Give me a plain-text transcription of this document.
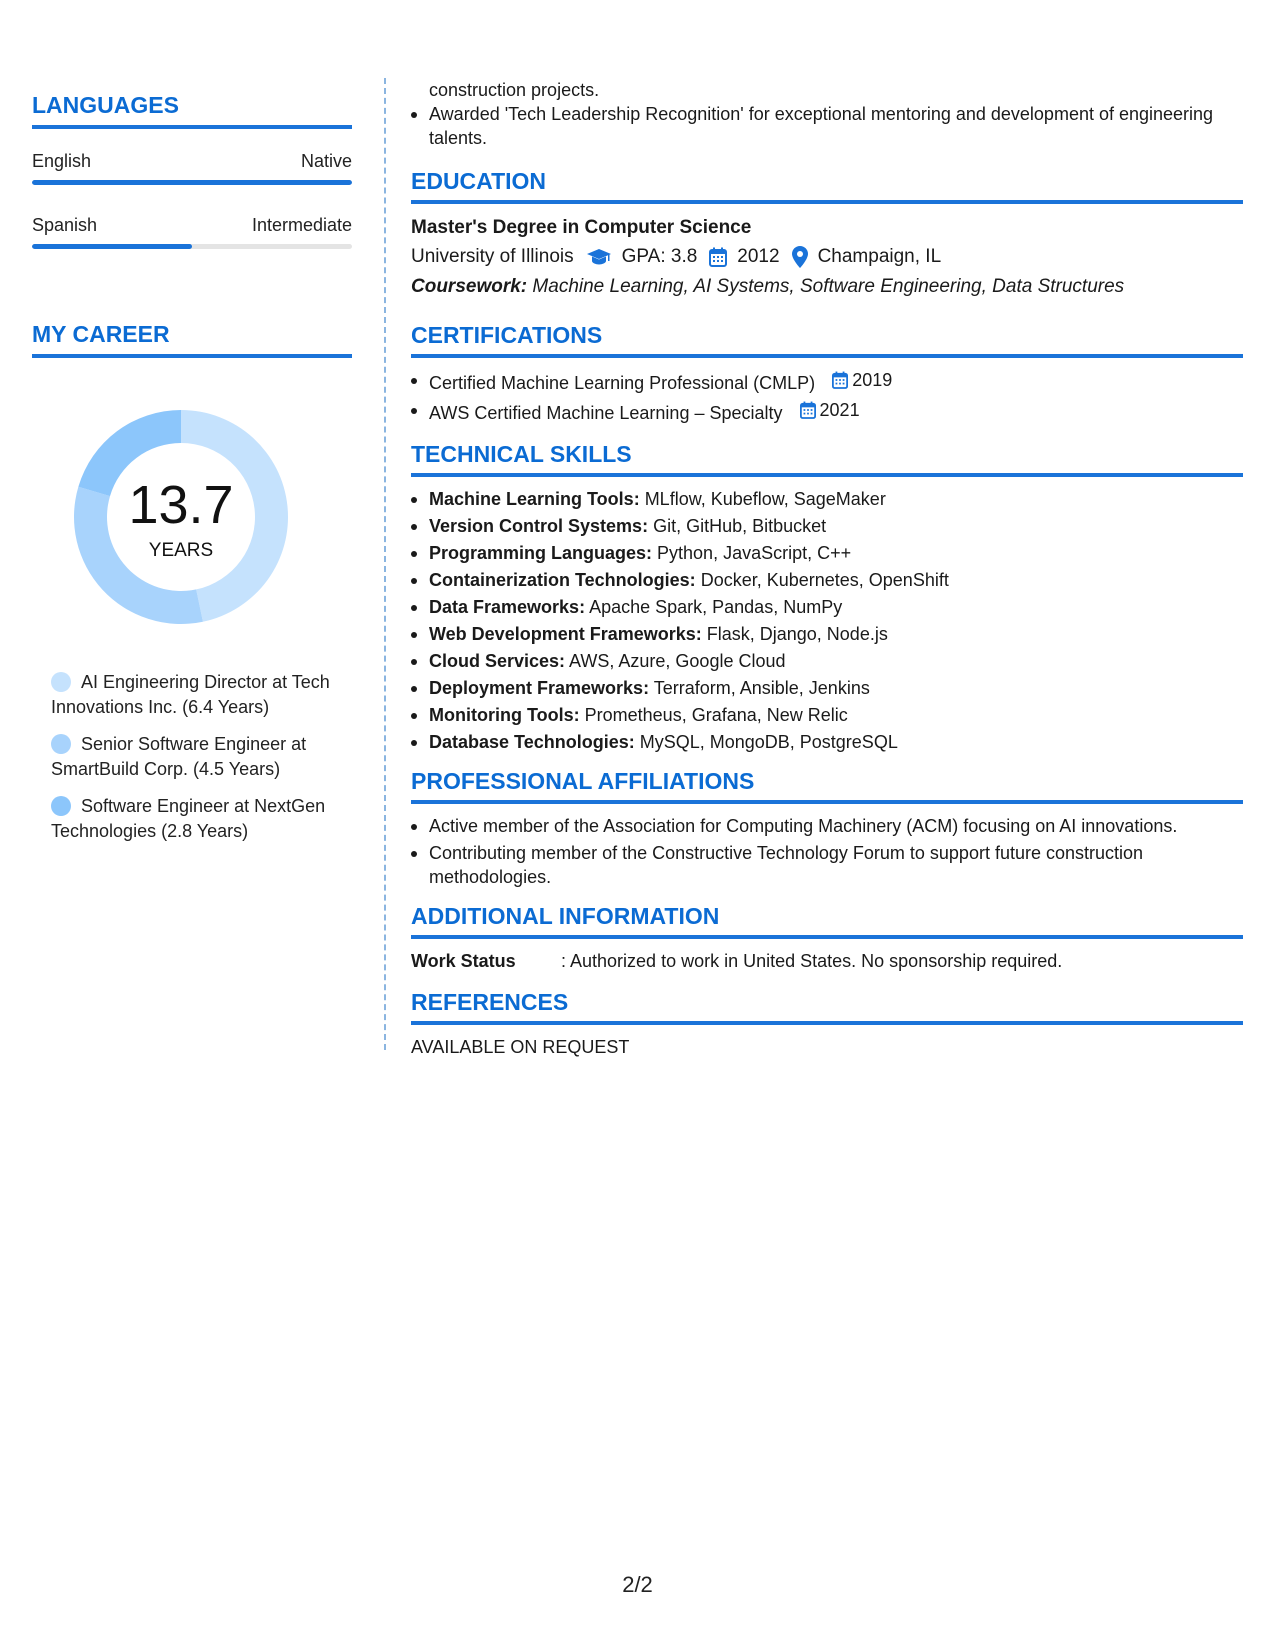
LANGUAGES
English	Native
Spanish	Intermediate
MY CAREER
13.7
YEARS
AI Engineering Director at Tech Innovations Inc. (6.4 Years)
Senior Software Engineer at SmartBuild Corp. (4.5 Years)
Software Engineer at NextGen Technologies (2.8 Years)
construction projects.
Awarded 'Tech Leadership Recognition' for exceptional mentoring and development of engineering talents.
EDUCATION
Master's Degree in Computer Science
University of Illinois	GPA: 3.8 2012 Champaign, IL
Coursework: Machine Learning, AI Systems, Software Engineering, Data Structures
CERTIFICATIONS
Certified Machine Learning Professional (CMLP) 2019
AWS Certified Machine Learning – Specialty 2021
TECHNICAL SKILLS
Machine Learning Tools: MLflow, Kubeflow, SageMaker
Version Control Systems: Git, GitHub, Bitbucket
Programming Languages: Python, JavaScript, C++
Containerization Technologies: Docker, Kubernetes, OpenShift
Data Frameworks: Apache Spark, Pandas, NumPy
Web Development Frameworks: Flask, Django, Node.js
Cloud Services: AWS, Azure, Google Cloud
Deployment Frameworks: Terraform, Ansible, Jenkins
Monitoring Tools: Prometheus, Grafana, New Relic
Database Technologies: MySQL, MongoDB, PostgreSQL
PROFESSIONAL AFFILIATIONS
Active member of the Association for Computing Machinery (ACM) focusing on AI innovations.
Contributing member of the Constructive Technology Forum to support future construction methodologies.
ADDITIONAL INFORMATION
Work Status	: Authorized to work in United States. No sponsorship required.
REFERENCES
AVAILABLE ON REQUEST
2/2
